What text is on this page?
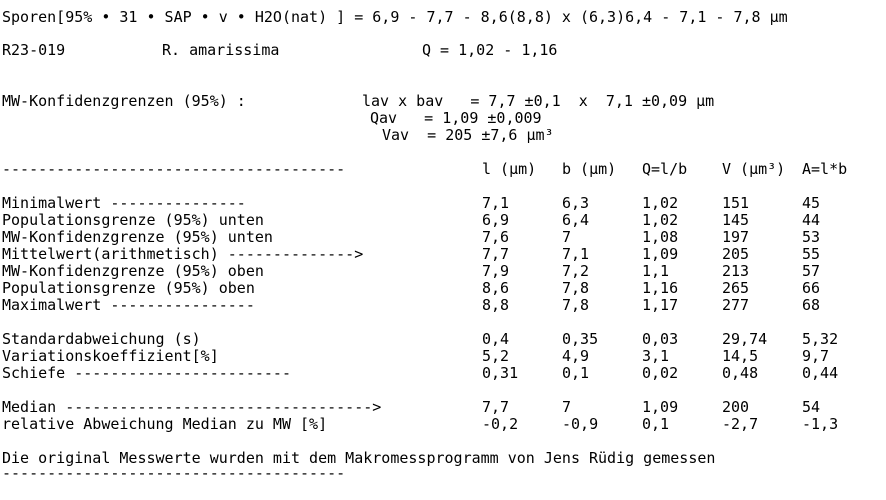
Sporen[95% • 31 • SAP • v • H2O(nat) ] = 6,9 - 7,7 - 8,6(8,8) x (6,3)6,4 - 7,1 - 7,8 µm
R23-019	R. amarissima	Q = 1,02 - 1,16
MW-Konfidenzgrenzen (95%) :	lav x bav   = 7,7 ±0,1  x  7,1 ±0,09 µm
Qav   = 1,09 ±0,009
Vav  = 205 ±7,6 µm³
--------------------------------------	l (µm) b (µm) Q=l/b V (µm³) A=l*b
Minimalwert ---------------	7,1	6,3	1,02	151	45
Populationsgrenze (95%) unten	6,9	6,4	1,02	145	44
MW-Konfidenzgrenze (95%) unten	7,6	7	1,08	197	53
Mittelwert(arithmetisch) -------------->	7,7	7,1	1,09	205	55
MW-Konfidenzgrenze (95%) oben	7,9	7,2	1,1	213	57
Populationsgrenze (95%) oben	8,6	7,8	1,16	265	66
Maximalwert ----------------	8,8	7,8	1,17	277	68
Standardabweichung (s)	0,4	0,35	0,03	29,74 5,32
Variationskoeffizient[%]	5,2	4,9	3,1	14,5	9,7
Schiefe ------------------------	0,31	0,1	0,02	0,48	0,44
Median ---------------------------------->	7,7	7	1,09	200	54
relative Abweichung Median zu MW [%]	-0,2	-0,9	0,1	-2,7	-1,3
Die original Messwerte wurden mit dem Makromessprogramm von Jens Rüdig gemessen
--------------------------------------
